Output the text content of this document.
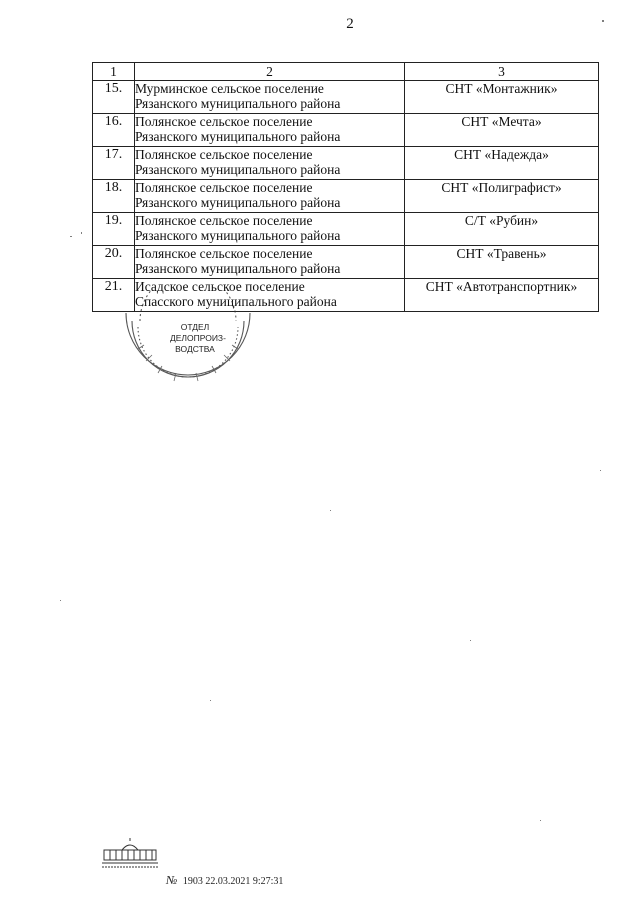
2
1	2	3
15.	Мурминское сельское поселение
Рязанского муниципального района	СНТ «Монтажник»
16.	Полянское сельское поселение
Рязанского муниципального района	СНТ «Мечта»
17.	Полянское сельское поселение
Рязанского муниципального района	СНТ «Надежда»
18.	Полянское сельское поселение
Рязанского муниципального района	СНТ «Полиграфист»
19.	Полянское сельское поселение
Рязанского муниципального района	С/Т «Рубин»
20.	Полянское сельское поселение
Рязанского муниципального района	СНТ «Травень»
21.	Исадское сельское поселение
Спасского муниципального района	СНТ «Автотранспортник»
ОТДЕЛ
ДЕЛОПРОИЗ-
ВОДСТВА
№ 1903 22.03.2021 9:27:31
